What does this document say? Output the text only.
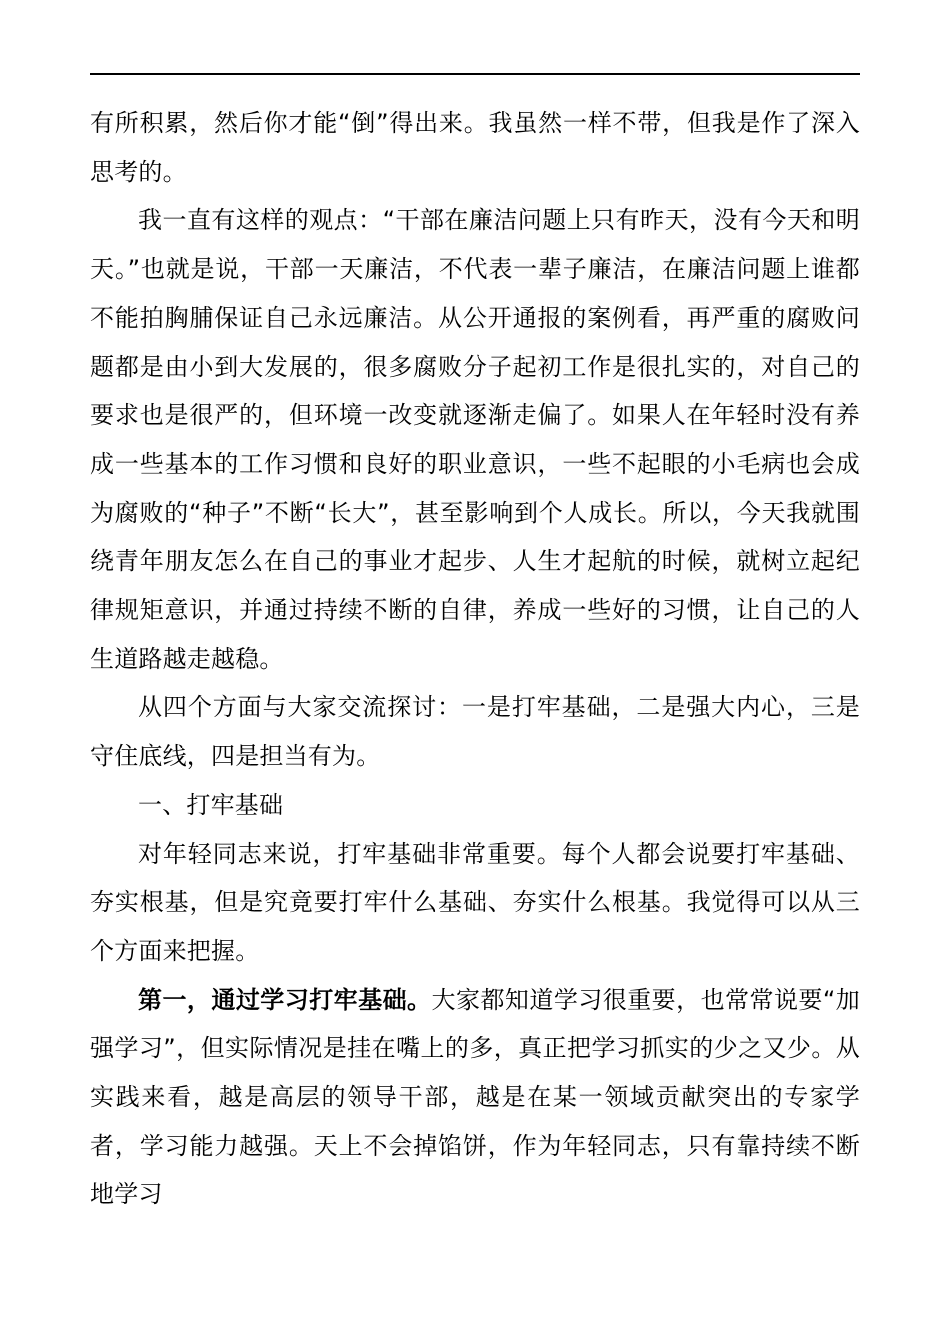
有所积累，然后你才能“倒”得出来。我虽然一样不带，但我是作了深入思考的。

我一直有这样的观点：“干部在廉洁问题上只有昨天，没有今天和明天。”也就是说，干部一天廉洁，不代表一辈子廉洁，在廉洁问题上谁都不能拍胸脯保证自己永远廉洁。从公开通报的案例看，再严重的腐败问题都是由小到大发展的，很多腐败分子起初工作是很扎实的，对自己的要求也是很严的，但环境一改变就逐渐走偏了。如果人在年轻时没有养成一些基本的工作习惯和良好的职业意识，一些不起眼的小毛病也会成为腐败的“种子”不断“长大”，甚至影响到个人成长。所以，今天我就围绕青年朋友怎么在自己的事业才起步、人生才起航的时候，就树立起纪律规矩意识，并通过持续不断的自律，养成一些好的习惯，让自己的人生道路越走越稳。

从四个方面与大家交流探讨：一是打牢基础，二是强大内心，三是守住底线，四是担当有为。

一、打牢基础

对年轻同志来说，打牢基础非常重要。每个人都会说要打牢基础、夯实根基，但是究竟要打牢什么基础、夯实什么根基。我觉得可以从三个方面来把握。

第一，通过学习打牢基础。大家都知道学习很重要，也常常说要“加强学习”，但实际情况是挂在嘴上的多，真正把学习抓实的少之又少。从实践来看，越是高层的领导干部，越是在某一领域贡献突出的专家学者，学习能力越强。天上不会掉馅饼，作为年轻同志，只有靠持续不断地学习
